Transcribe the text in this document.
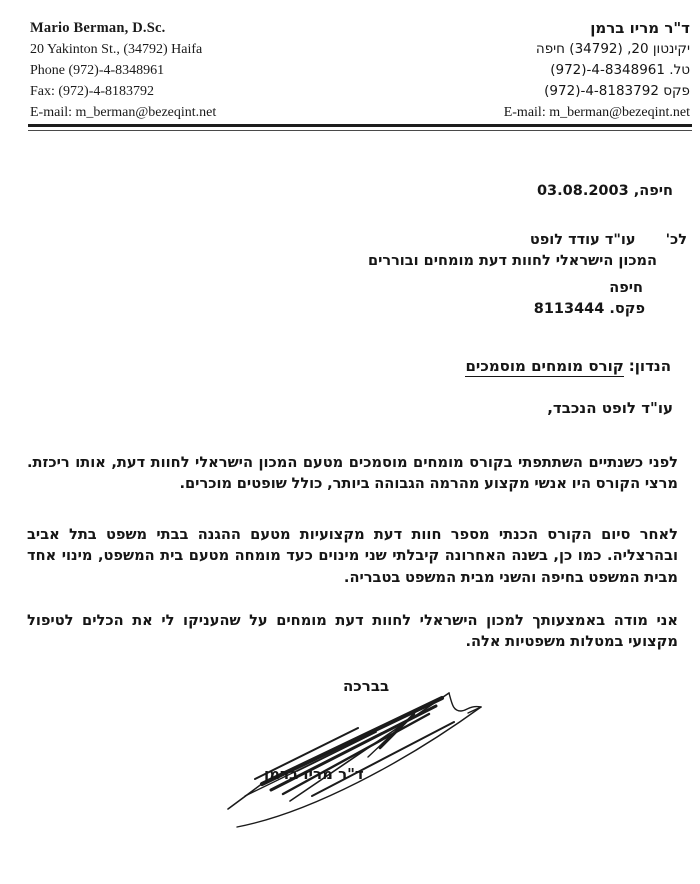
Mario Berman, D.Sc.
20 Yakinton St., (34792) Haifa
Phone (972)-4-8348961
Fax: (972)-4-8183792
E-mail: m_berman@bezeqint.net
ד"ר מריו ברמן
יקינטון 20, (34792) חיפה
טל. (972)-4-8348961
פקס (972)-4-8183792
E-mail: m_berman@bezeqint.net
חיפה, 03.08.2003
לכ'עו"ד עודד לופט
המכון הישראלי לחוות דעת מומחים ובוררים
חיפה
פקס. 8113444
הנדון:קורס מומחים מוסמכים
עו"ד לופט הנכבד,

לפני כשנתיים השתתפתי בקורס מומחים מוסמכים מטעם המכון הישראלי לחוות דעת, אותו ריכזת. מרצי הקורס היו אנשי מקצוע מהרמה הגבוהה ביותר, כולל שופטים מוכרים.

לאחר סיום הקורס הכנתי מספר חוות דעת מקצועיות מטעם ההגנה בבתי משפט בתל אביב ובהרצליה. כמו כן, בשנה האחרונה קיבלתי שני מינוים כעד מומחה מטעם בית המשפט, מינוי אחד מבית המשפט בחיפה והשני מבית המשפט בטבריה.

אני מודה באמצעותך למכון הישראלי לחוות דעת מומחים על שהעניקו לי את הכלים לטיפול מקצועי במטלות משפטיות אלה.

בברכה
ד"ר מריו ברמן
